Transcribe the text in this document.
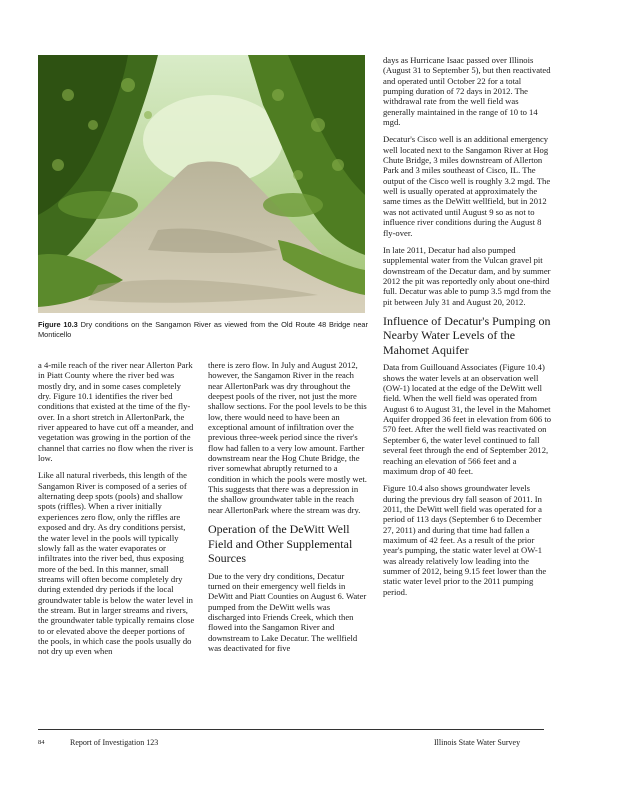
Figure 10.3 Dry conditions on the Sangamon River as viewed from the Old Route 48 Bridge near Monticello

a 4-mile reach of the river near Allerton Park in Piatt County where the river bed was mostly dry, and in some cases completely dry. Figure 10.1 identifies the river bed conditions that existed at the time of the fly-over. In a short stretch in AllertonPark, the river appeared to have cut off a meander, and vegetation was growing in the portion of the channel that carries no flow when the river is low.

Like all natural riverbeds, this length of the Sangamon River is composed of a series of alternating deep spots (pools) and shallow spots (riffles). When a river initially experiences zero flow, only the riffles are exposed and dry. As dry conditions persist, the water level in the pools will typically slowly fall as the water evaporates or infiltrates into the river bed, thus exposing more of the bed. In this manner, small streams will often become completely dry during extended dry periods if the local groundwater table is below the water level in the stream. But in larger streams and rivers, the groundwater table typically remains close to or elevated above the deeper portions of the pools, in which case the pools usually do not dry up even when

there is zero flow. In July and August 2012, however, the Sangamon River in the reach near AllertonPark was dry throughout the deepest pools of the river, not just the more shallow sections. For the pool levels to be this low, there would need to have been an exceptional amount of infiltration over the previous three-week period since the river's flow had fallen to a very low amount. Farther downstream near the Hog Chute Bridge, the river somewhat abruptly returned to a condition in which the pools were mostly wet. This suggests that there was a depression in the shallow groundwater table in the reach near AllertonPark where the stream was dry.

Operation of the DeWitt Well Field and Other Supplemental Sources

Due to the very dry conditions, Decatur turned on their emergency well fields in DeWitt and Piatt Counties on August 6. Water pumped from the DeWitt wells was discharged into Friends Creek, which then flowed into the Sangamon River and downstream to Lake Decatur. The wellfield was deactivated for five

days as Hurricane Isaac passed over Illinois (August 31 to September 5), but then reactivated and operated until October 22 for a total pumping duration of 72 days in 2012. The withdrawal rate from the well field was generally maintained in the range of 10 to 14 mgd.

Decatur's Cisco well is an additional emergency well located next to the Sangamon River at Hog Chute Bridge, 3 miles downstream of Allerton Park and 3 miles southeast of Cisco, IL. The output of the Cisco well is roughly 3.2 mgd. The well is usually operated at approximately the same times as the DeWitt wellfield, but in 2012 was not activated until August 9 so as not to influence river conditions during the August 8 fly-over.

In late 2011, Decatur had also pumped supplemental water from the Vulcan gravel pit downstream of the Decatur dam, and by summer 2012 the pit was reportedly only about one-third full. Decatur was able to pump 3.5 mgd from the pit between July 31 and August 20, 2012.

Influence of Decatur's Pumping on Nearby Water Levels of the Mahomet Aquifer

Data from Guillouand Associates (Figure 10.4) shows the water levels at an observation well (OW-1) located at the edge of the DeWitt well field. When the well field was operated from August 6 to August 31, the level in the Mahomet Aquifer dropped 36 feet in elevation from 606 to 570 feet. After the well field was reactivated on September 6, the water level continued to fall several feet through the end of September 2012, reaching an elevation of 566 feet and a maximum drop of 40 feet.

Figure 10.4 also shows groundwater levels during the previous dry fall season of 2011. In 2011, the DeWitt well field was operated for a period of 113 days (September 6 to December 27, 2011) and during that time had fallen a maximum of 42 feet. As a result of the prior year's pumping, the static water level at OW-1 was already relatively low leading into the summer of 2012, being 9.15 feet lower than the static water level prior to the 2011 pumping period.

84	Report of Investigation 123	Illinois State Water Survey
